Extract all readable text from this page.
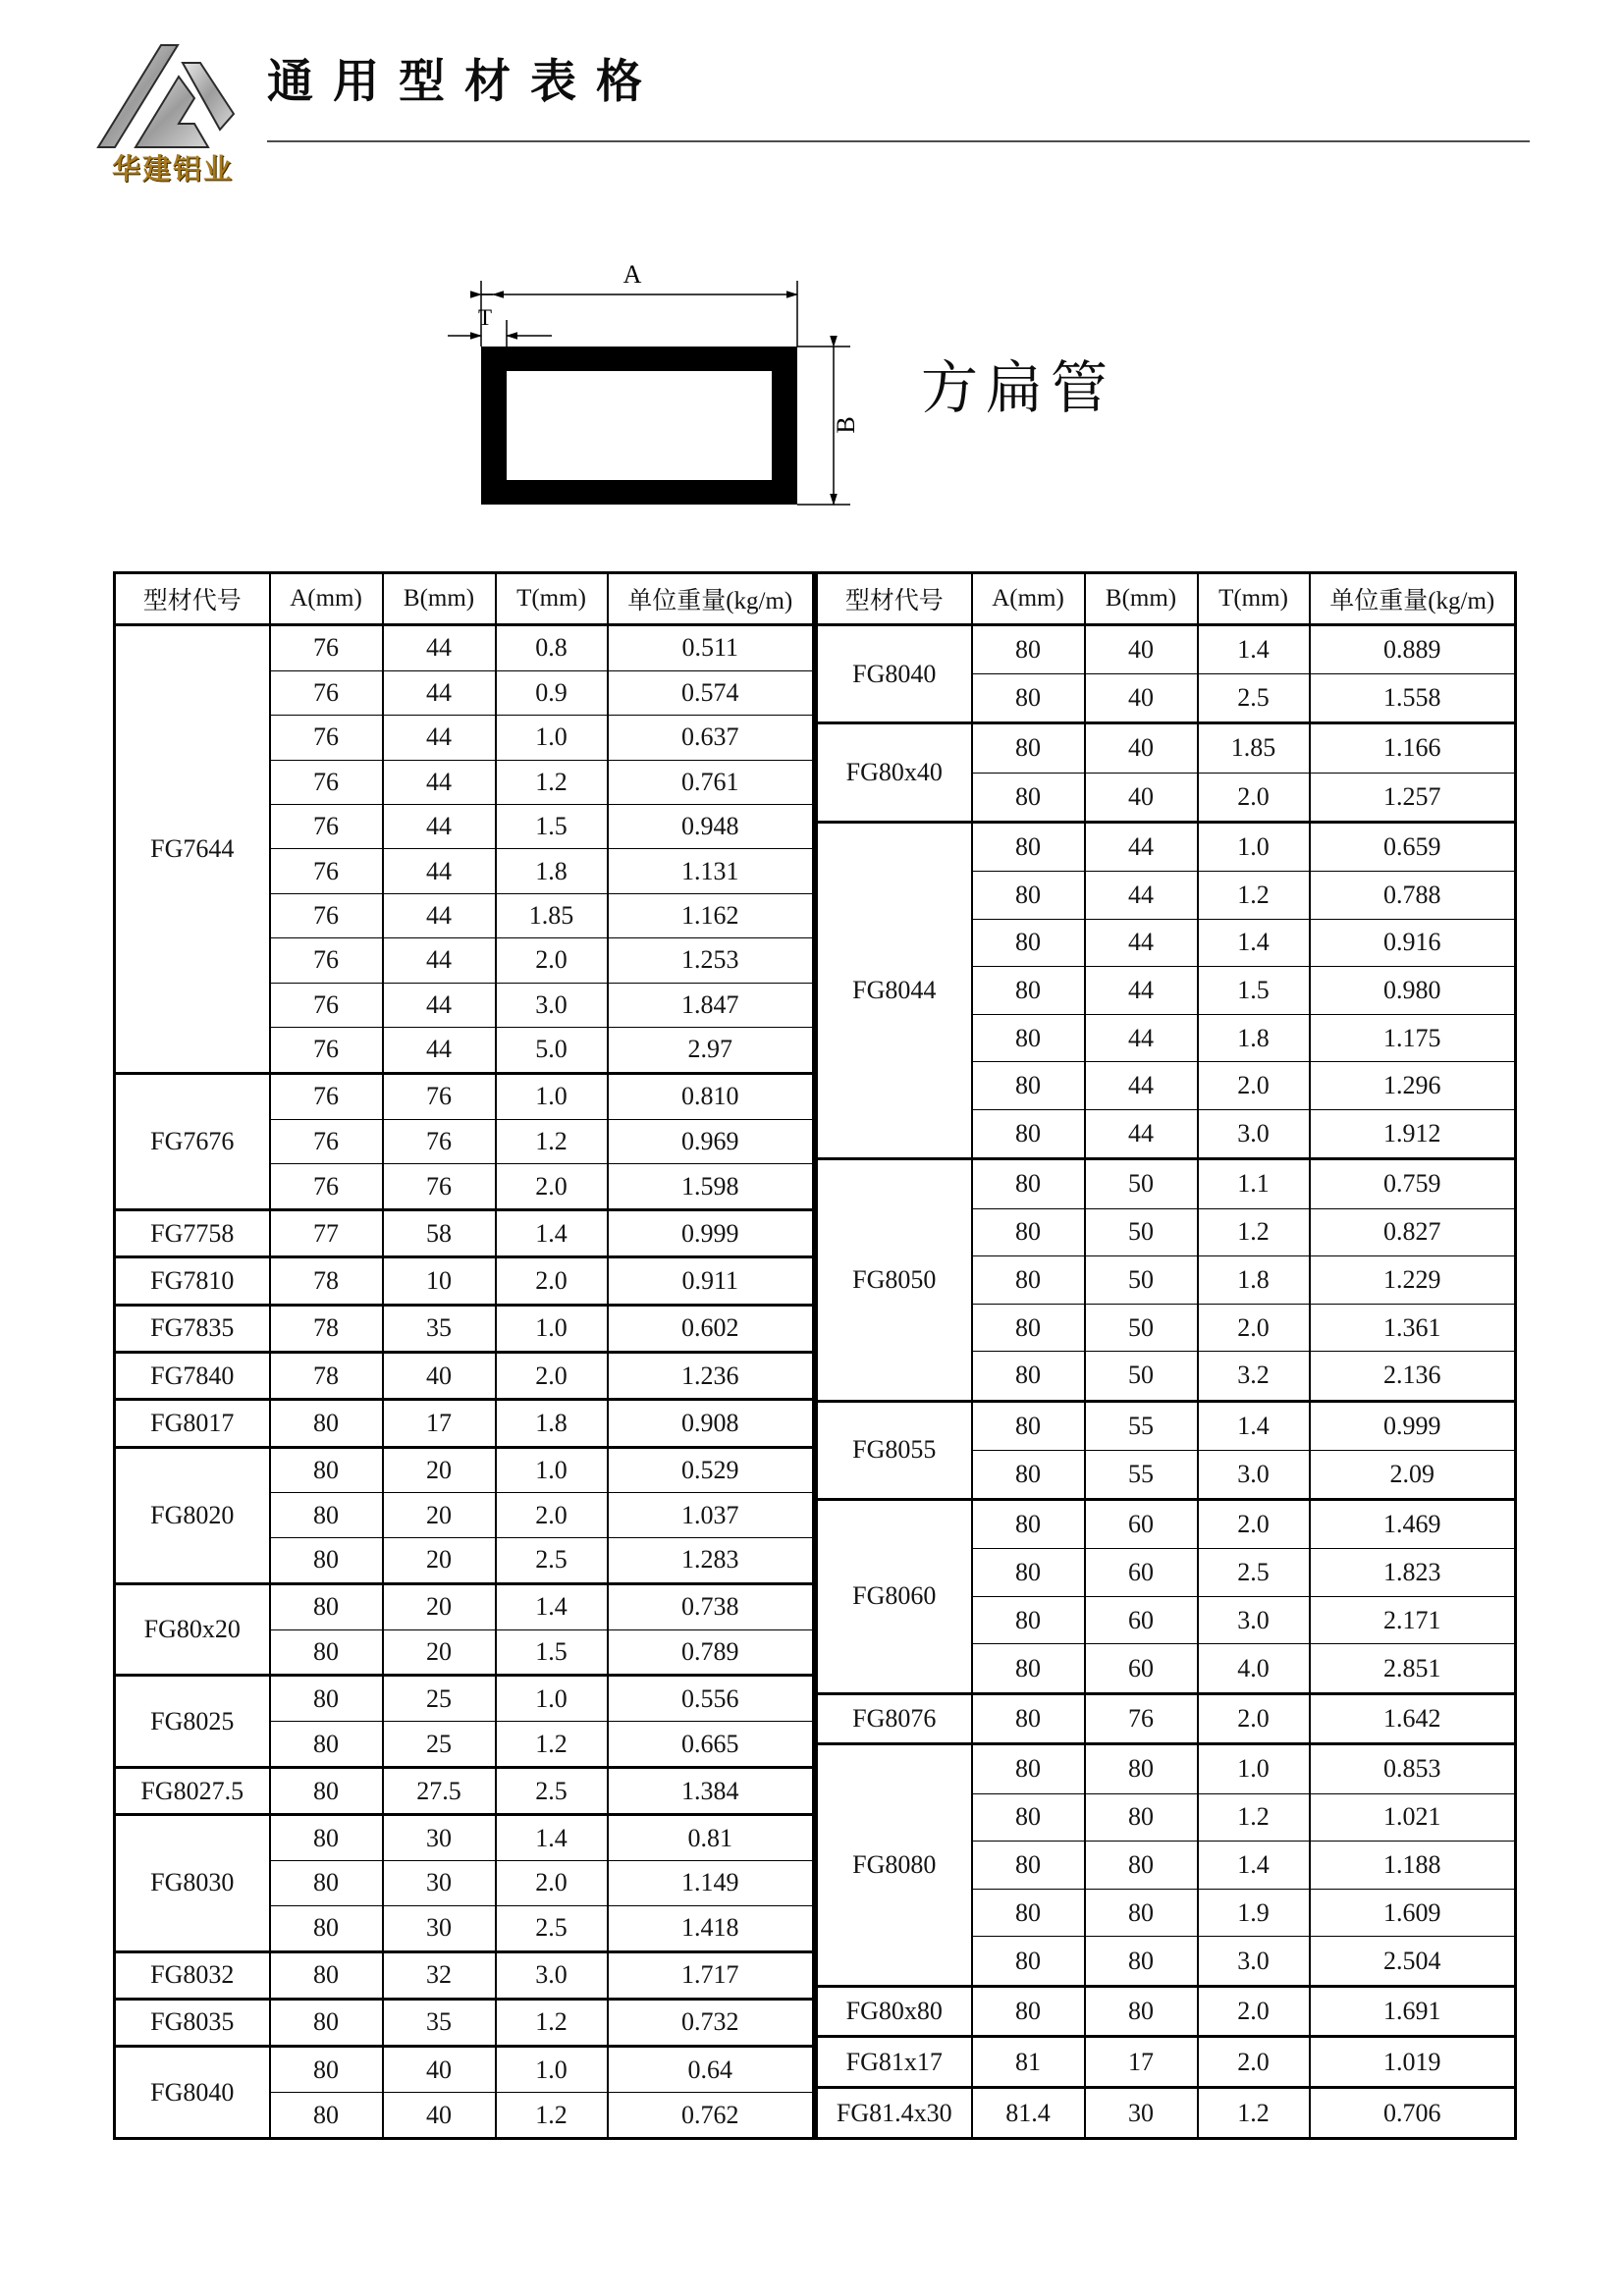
华建铝业
通用型材表格
A
T
B
方扁管
型材代号	A(mm)	B(mm)	T(mm)	单位重量(kg/m)
FG7644	76	44	0.8	0.511
	76	44	0.9	0.574
	76	44	1.0	0.637
	76	44	1.2	0.761
	76	44	1.5	0.948
	76	44	1.8	1.131
	76	44	1.85	1.162
	76	44	2.0	1.253
	76	44	3.0	1.847
	76	44	5.0	2.97
FG7676	76	76	1.0	0.810
	76	76	1.2	0.969
	76	76	2.0	1.598
FG7758	77	58	1.4	0.999
FG7810	78	10	2.0	0.911
FG7835	78	35	1.0	0.602
FG7840	78	40	2.0	1.236
FG8017	80	17	1.8	0.908
FG8020	80	20	1.0	0.529
	80	20	2.0	1.037
	80	20	2.5	1.283
FG80x20	80	20	1.4	0.738
	80	20	1.5	0.789
FG8025	80	25	1.0	0.556
	80	25	1.2	0.665
FG8027.5	80	27.5	2.5	1.384
FG8030	80	30	1.4	0.81
	80	30	2.0	1.149
	80	30	2.5	1.418
FG8032	80	32	3.0	1.717
FG8035	80	35	1.2	0.732
FG8040	80	40	1.0	0.64
	80	40	1.2	0.762
型材代号	A(mm)	B(mm)	T(mm)	单位重量(kg/m)
FG8040	80	40	1.4	0.889
	80	40	2.5	1.558
FG80x40	80	40	1.85	1.166
	80	40	2.0	1.257
FG8044	80	44	1.0	0.659
	80	44	1.2	0.788
	80	44	1.4	0.916
	80	44	1.5	0.980
	80	44	1.8	1.175
	80	44	2.0	1.296
	80	44	3.0	1.912
FG8050	80	50	1.1	0.759
	80	50	1.2	0.827
	80	50	1.8	1.229
	80	50	2.0	1.361
	80	50	3.2	2.136
FG8055	80	55	1.4	0.999
	80	55	3.0	2.09
FG8060	80	60	2.0	1.469
	80	60	2.5	1.823
	80	60	3.0	2.171
	80	60	4.0	2.851
FG8076	80	76	2.0	1.642
FG8080	80	80	1.0	0.853
	80	80	1.2	1.021
	80	80	1.4	1.188
	80	80	1.9	1.609
	80	80	3.0	2.504
FG80x80	80	80	2.0	1.691
FG81x17	81	17	2.0	1.019
FG81.4x30	81.4	30	1.2	0.706
